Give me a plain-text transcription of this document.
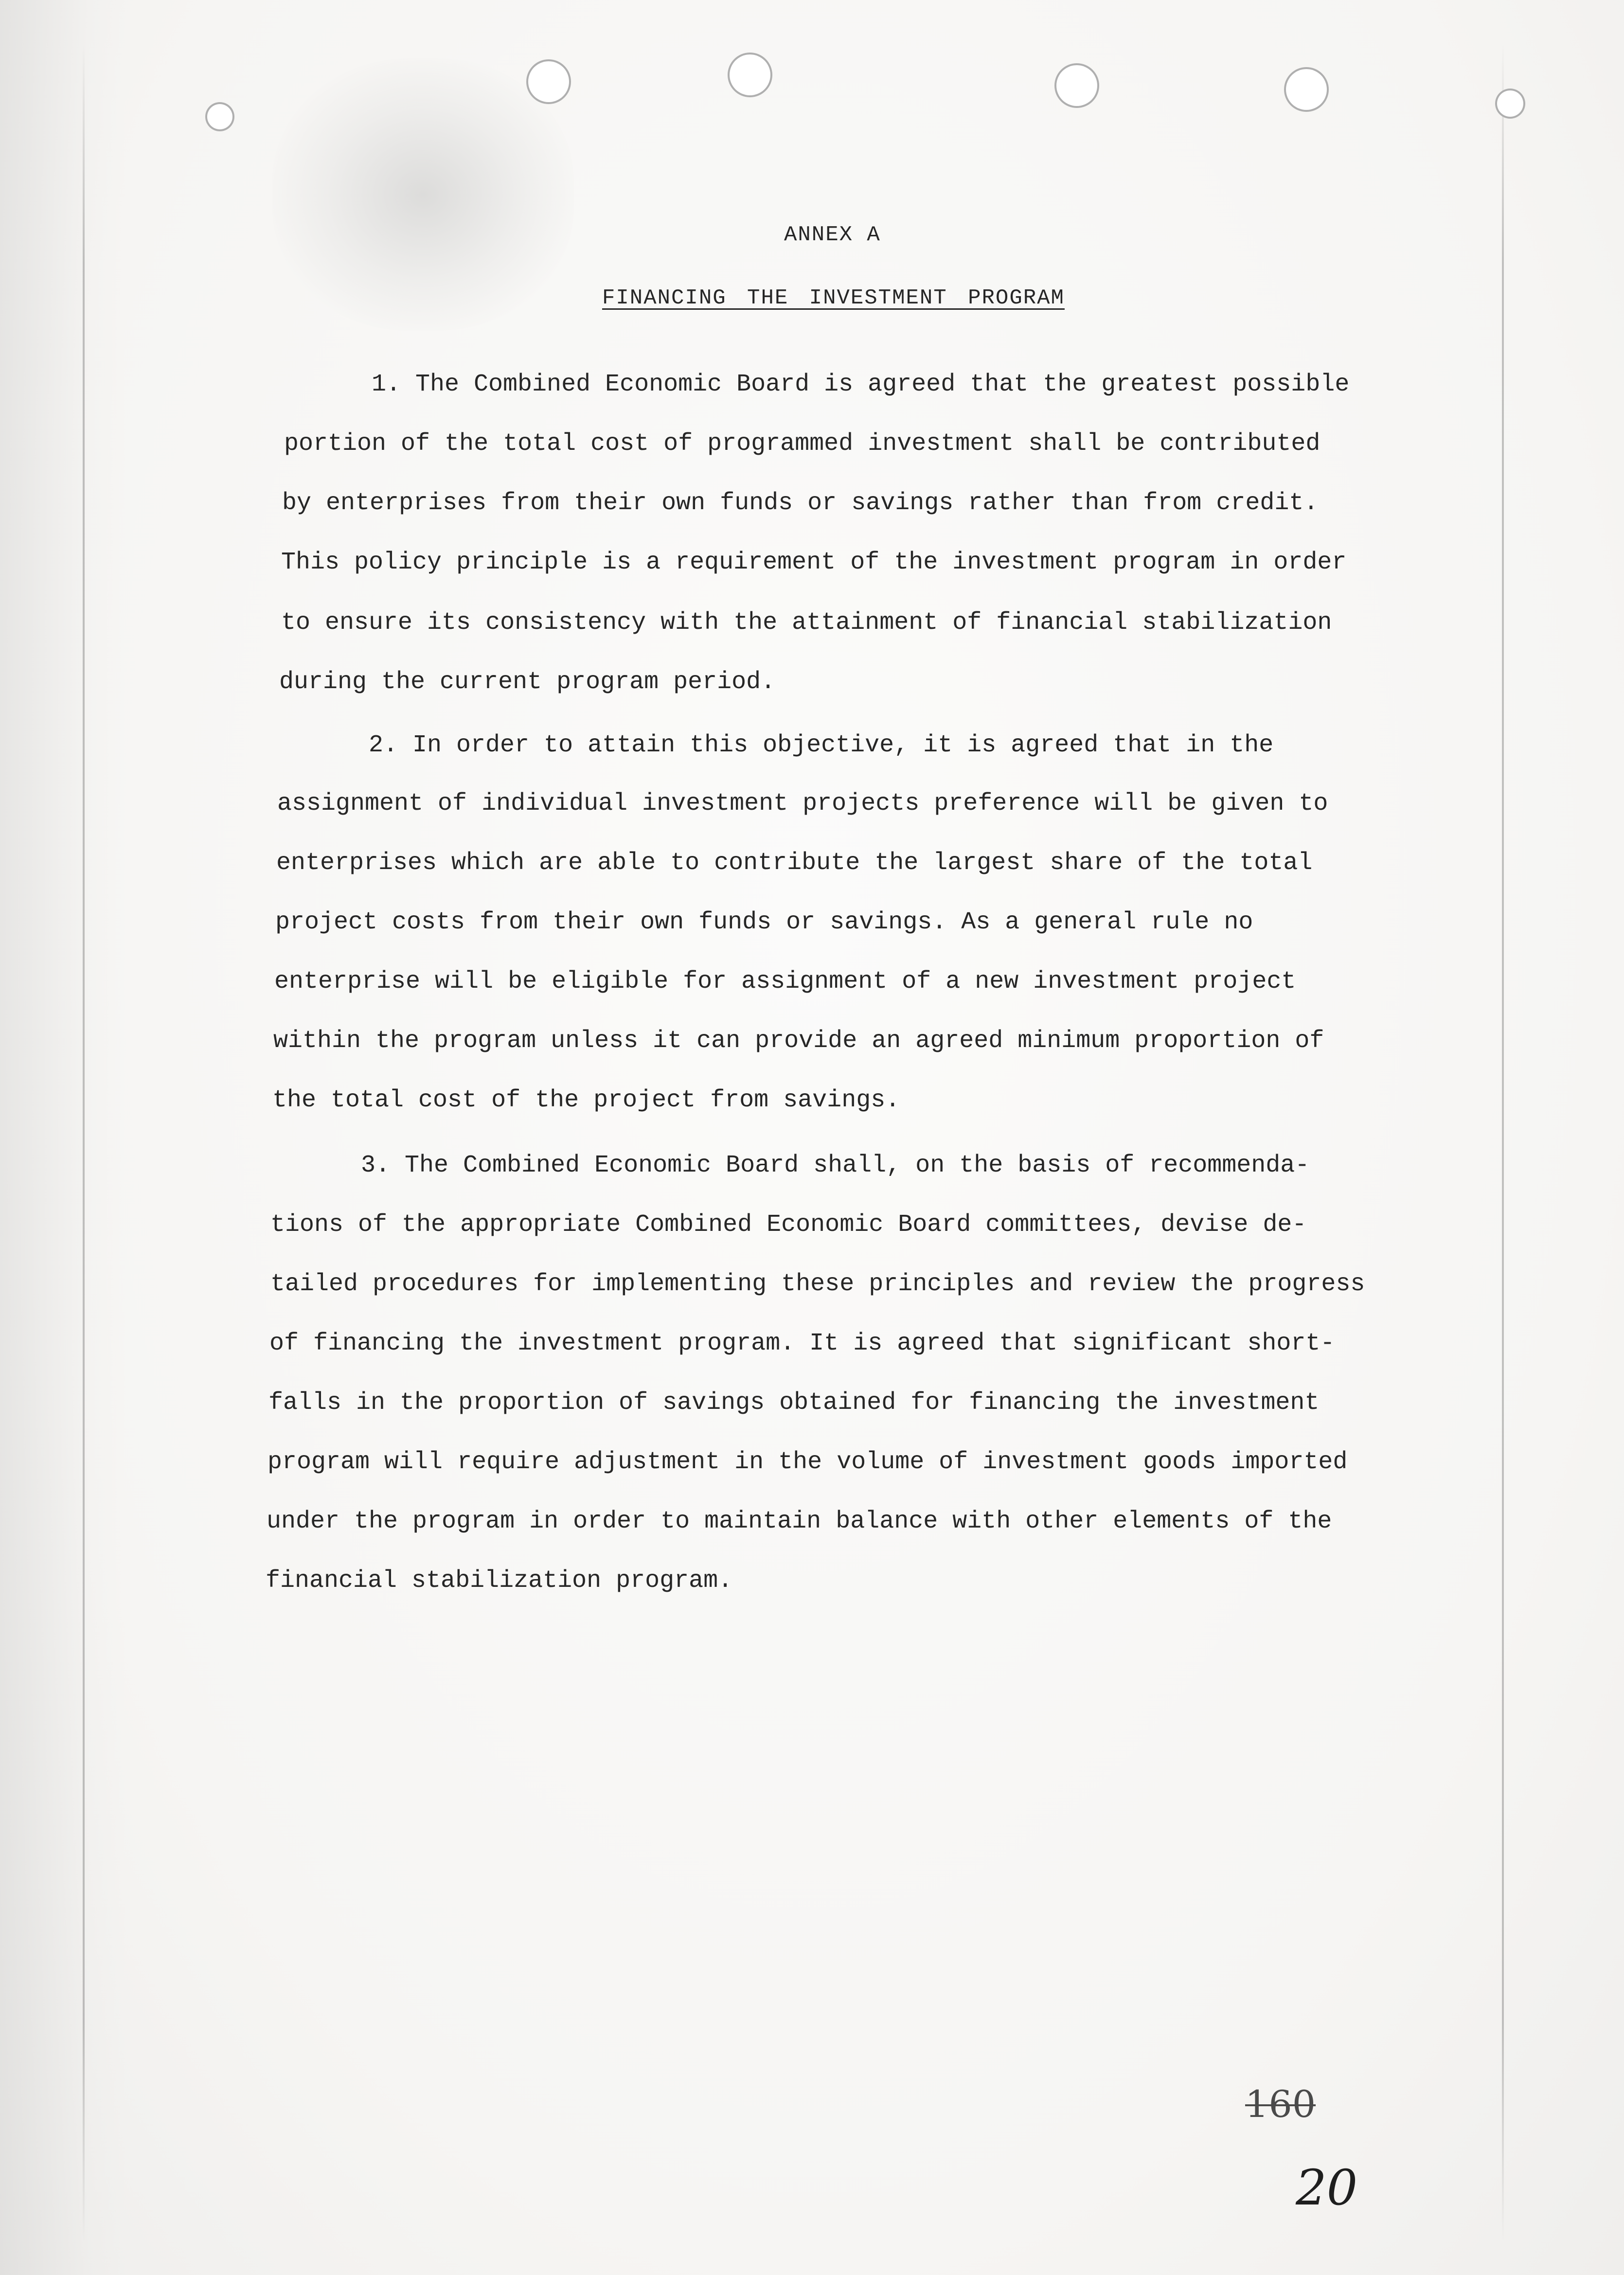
ANNEX A
FINANCING THE INVESTMENT PROGRAM
1. The Combined Economic Board is agreed that the greatest possible
portion of the total cost of programmed investment shall be contributed
by enterprises from their own funds or savings rather than from credit.
This policy principle is a requirement of the investment program in order
to ensure its consistency with the attainment of financial stabilization
during the current program period.
2. In order to attain this objective, it is agreed that in the
assignment of individual investment projects preference will be given to
enterprises which are able to contribute the largest share of the total
project costs from their own funds or savings. As a general rule no
enterprise will be eligible for assignment of a new investment project
within the program unless it can provide an agreed minimum proportion of
the total cost of the project from savings.
3. The Combined Economic Board shall, on the basis of recommenda-
tions of the appropriate Combined Economic Board committees, devise de-
tailed procedures for implementing these principles and review the progress
of financing the investment program. It is agreed that significant short-
falls in the proportion of savings obtained for financing the investment
program will require adjustment in the volume of investment goods imported
under the program in order to maintain balance with other elements of the
financial stabilization program.
160
20
